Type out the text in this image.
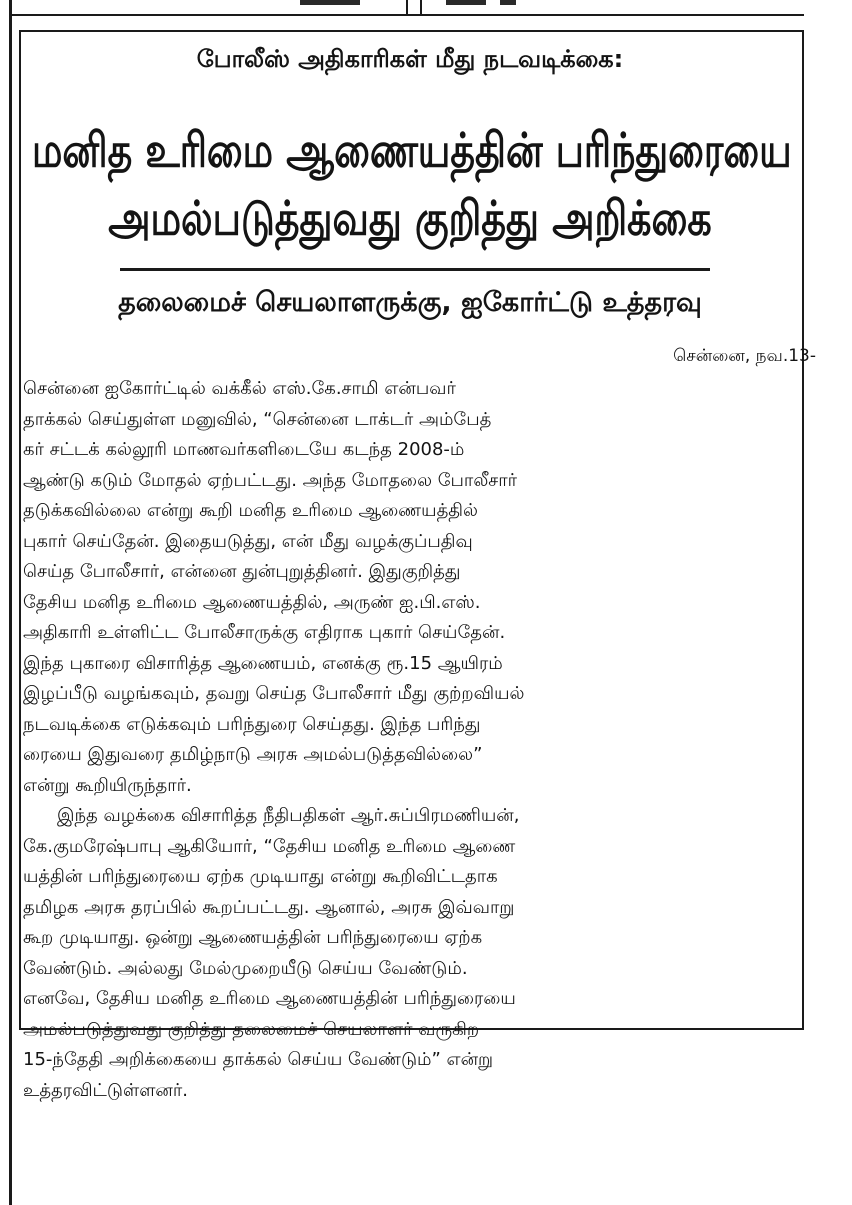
போலீஸ் அதிகாரிகள் மீது நடவடிக்கை:
மனித உரிமை ஆணையத்தின் பரிந்துரையை
அமல்படுத்துவது குறித்து அறிக்கை
தலைமைச் செயலாளருக்கு, ஐகோர்ட்டு உத்தரவு
சென்னை, நவ.13-
சென்னை ஐகோர்ட்டில் வக்கீல் எஸ்.கே.சாமி என்பவர்
தாக்கல் செய்துள்ள மனுவில், “சென்னை டாக்டர் அம்பேத்
கர் சட்டக் கல்லூரி மாணவர்களிடையே கடந்த 2008-ம்
ஆண்டு கடும் மோதல் ஏற்பட்டது. அந்த மோதலை போலீசார்
தடுக்கவில்லை என்று கூறி மனித உரிமை ஆணையத்தில்
புகார் செய்தேன். இதையடுத்து, என் மீது வழக்குப்பதிவு
செய்த போலீசார், என்னை துன்புறுத்தினர். இதுகுறித்து
தேசிய மனித உரிமை ஆணையத்தில், அருண் ஐ.பி.எஸ்.
அதிகாரி உள்ளிட்ட போலீசாருக்கு எதிராக புகார் செய்தேன்.
இந்த புகாரை விசாரித்த ஆணையம், எனக்கு ரூ.15 ஆயிரம்
இழப்பீடு வழங்கவும், தவறு செய்த போலீசார் மீது குற்றவியல்
நடவடிக்கை எடுக்கவும் பரிந்துரை செய்தது. இந்த பரிந்து
ரையை இதுவரை தமிழ்நாடு அரசு அமல்படுத்தவில்லை”
என்று கூறியிருந்தார்.
இந்த வழக்கை விசாரித்த நீதிபதிகள் ஆர்.சுப்பிரமணியன்,
கே.குமரேஷ்பாபு ஆகியோர், “தேசிய மனித உரிமை ஆணை
யத்தின் பரிந்துரையை ஏற்க முடியாது என்று கூறிவிட்டதாக
தமிழக அரசு தரப்பில் கூறப்பட்டது. ஆனால், அரசு இவ்வாறு
கூற முடியாது. ஒன்று ஆணையத்தின் பரிந்துரையை ஏற்க
வேண்டும். அல்லது மேல்முறையீடு செய்ய வேண்டும்.
எனவே, தேசிய மனித உரிமை ஆணையத்தின் பரிந்துரையை
அமல்படுத்துவது குறித்து தலைமைச் செயலாளர் வருகிற
15-ந்தேதி அறிக்கையை தாக்கல் செய்ய வேண்டும்” என்று
உத்தரவிட்டுள்ளனர்.
